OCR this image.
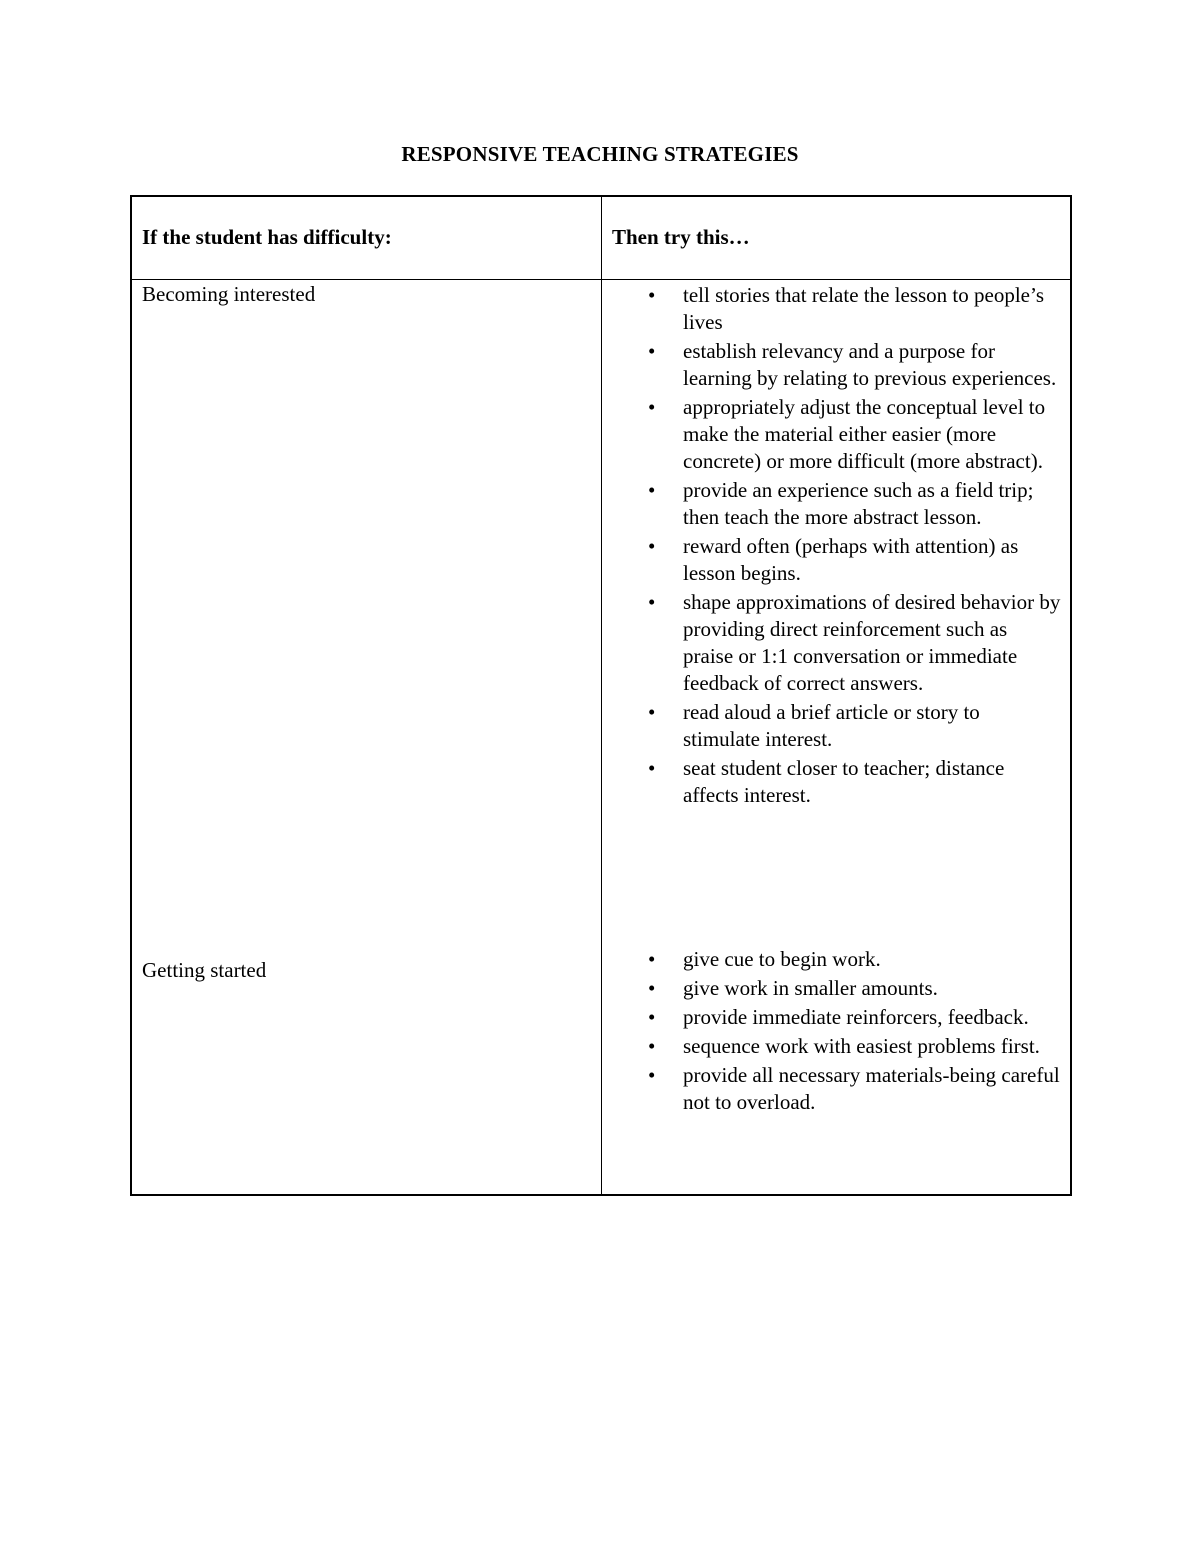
RESPONSIVE TEACHING STRATEGIES
If the student has difficulty:	Then try this…
Becoming interested	• tell stories that relate the lesson to people’s lives
• establish relevancy and a purpose for learning by relating to previous experiences.
• appropriately adjust the conceptual level to make the material either easier (more concrete) or more difficult (more abstract).
• provide an experience such as a field trip; then teach the more abstract lesson.
• reward often (perhaps with attention) as lesson begins.
• shape approximations of desired behavior by providing direct reinforcement such as praise or 1:1 conversation or immediate feedback of correct answers.
• read aloud a brief article or story to stimulate interest.
• seat student closer to teacher; distance affects interest.
Getting started	• give cue to begin work.
• give work in smaller amounts.
• provide immediate reinforcers, feedback.
• sequence work with easiest problems first.
• provide all necessary materials-being careful not to overload.
